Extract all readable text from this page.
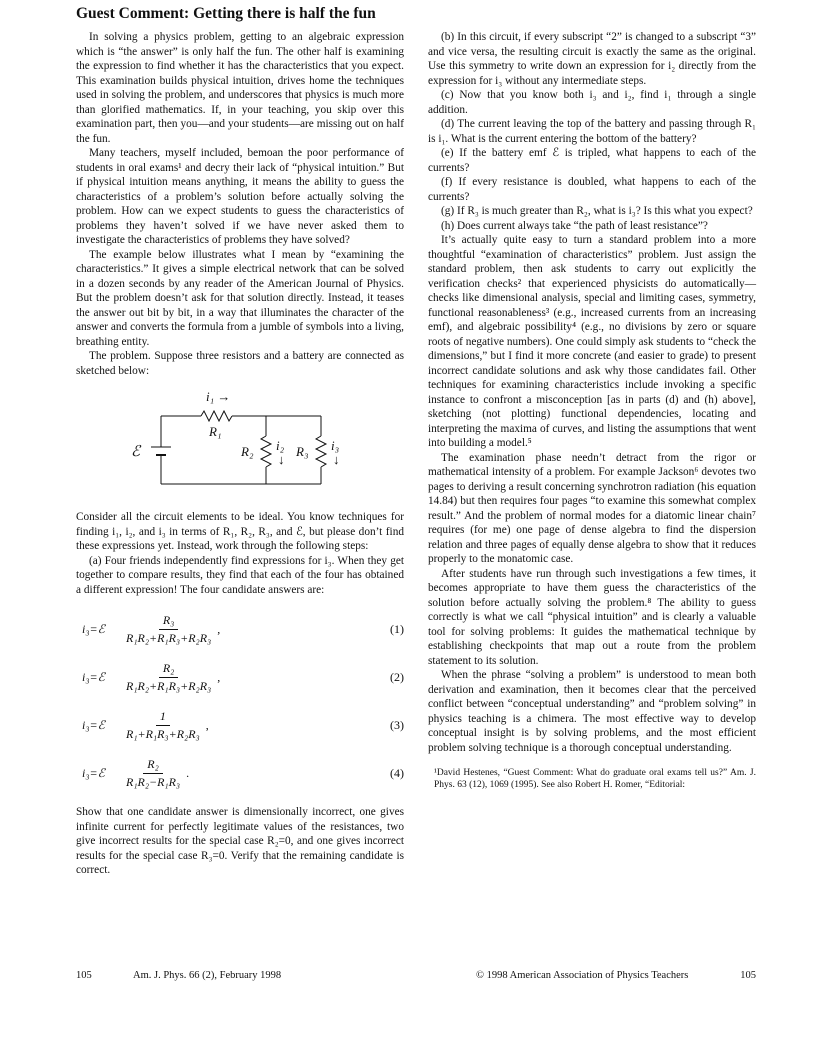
Guest Comment: Getting there is half the fun

In solving a physics problem, getting to an algebraic expression which is “the answer” is only half the fun. The other half is examining the expression to find whether it has the characteristics that you expect. This examination builds physical intuition, drives home the techniques used in solving the problem, and underscores that physics is much more than glorified mathematics. If, in your teaching, you skip over this examination part, then you—and your students—are missing out on half the fun.

Many teachers, myself included, bemoan the poor performance of students in oral exams¹ and decry their lack of “physical intuition.” But if physical intuition means anything, it means the ability to guess the characteristics of a problem’s solution before actually solving the problem. How can we expect students to guess the characteristics of problems they haven’t solved if we have never asked them to investigate the characteristics of problems they have solved?

The example below illustrates what I mean by “examining the characteristics.” It gives a simple electrical network that can be solved in a dozen seconds by any reader of the American Journal of Physics. But the problem doesn’t ask for that solution directly. Instead, it teases the answer out bit by bit, in a way that illuminates the character of the answer and converts the formula from a jumble of symbols into a living, breathing entity.

The problem. Suppose three resistors and a battery are connected as sketched below:

i₁ →
R₁
ℰ	R₂ i₂
↓
R₃ i₃
↓

Consider all the circuit elements to be ideal. You know techniques for finding i₁, i₂, and i₃ in terms of R₁, R₂, R₃, and ℰ, but please don’t find these expressions yet. Instead, work through the following steps:

(a) Four friends independently find expressions for i₃. When they get together to compare results, they find that each of the four has obtained a different expression! The four candidate answers are:

i₃=ℰ	$\frac{\text{R₃}}{\text{R₁R₂+R₁R₃+R₂R₃}}$ ,	(1)
i₃=ℰ	$\frac{\text{R₂}}{\text{R₁R₂+R₁R₃+R₂R₃}}$ ,	(2)
i₃=ℰ	$\frac{1}{\text{R₁+R₁R₃+R₂R₃}}$ ,	(3)
i₃=ℰ	$\frac{\text{R₂}}{\text{R₁R₂−R₁R₃}}$ .	(4)

Show that one candidate answer is dimensionally incorrect, one gives infinite current for perfectly legitimate values of the resistances, two give incorrect results for the special case R₂=0, and one gives incorrect results for the special case R₃=0. Verify that the remaining candidate is correct.

(b) In this circuit, if every subscript “2” is changed to a subscript “3” and vice versa, the resulting circuit is exactly the same as the original. Use this symmetry to write down an expression for i₂ directly from the expression for i₃ without any intermediate steps.

(c) Now that you know both i₃ and i₂, find i₁ through a single addition.

(d) The current leaving the top of the battery and passing through R₁ is i₁. What is the current entering the bottom of the battery?

(e) If the battery emf ℰ is tripled, what happens to each of the currents?

(f) If every resistance is doubled, what happens to each of the currents?

(g) If R₃ is much greater than R₂, what is i₃? Is this what you expect?

(h) Does current always take “the path of least resistance”?

It’s actually quite easy to turn a standard problem into a more thoughtful “examination of characteristics” problem. Just assign the standard problem, then ask students to carry out explicitly the verification checks² that experienced physicists do automatically—checks like dimensional analysis, special and limiting cases, symmetry, functional reasonableness³ (e.g., increased currents from an increasing emf), and algebraic possibility⁴ (e.g., no divisions by zero or square roots of negative numbers). One could simply ask students to “check the dimensions,” but I find it more concrete (and easier to grade) to present incorrect candidate solutions and ask why those candidates fail. Other techniques for examining characteristics include invoking a specific instance to confront a misconception [as in parts (d) and (h) above], sketching (not plotting) functional dependencies, locating and interpreting the maxima of curves, and listing the assumptions that went into building a model.⁵

The examination phase needn’t detract from the rigor or mathematical intensity of a problem. For example Jackson⁶ devotes two pages to deriving a result concerning synchrotron radiation (his equation 14.84) but then requires four pages “to examine this somewhat complex result.” And the problem of normal modes for a diatomic linear chain⁷ requires (for me) one page of dense algebra to find the dispersion relation and three pages of equally dense algebra to show that it reduces properly to the monatomic case.

After students have run through such investigations a few times, it becomes appropriate to have them guess the characteristics of the solution before actually solving the problem.⁸ The ability to guess correctly is what we call “physical intuition” and is clearly a valuable tool for solving problems: It guides the mathematical technique by establishing checkpoints that map out a route from the problem statement to its solution.

When the phrase “solving a problem” is understood to mean both derivation and examination, then it becomes clear that the perceived conflict between “conceptual understanding” and “problem solving” in physics teaching is a chimera. The most effective way to develop conceptual insight is by solving problems, and the most efficient problem solving technique is a thorough conceptual understanding.

¹David Hestenes, “Guest Comment: What do graduate oral exams tell us?” Am. J. Phys. 63 (12), 1069 (1995). See also Robert H. Romer, “Editorial:

105	Am. J. Phys. 66 (2), February 1998	© 1998 American Association of Physics Teachers	105
